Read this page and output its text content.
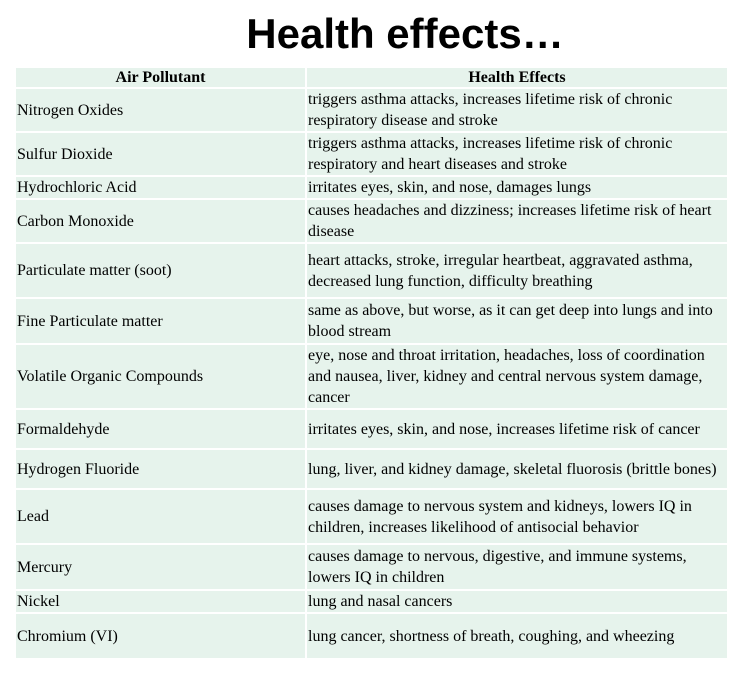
Health effects…
Air Pollutant	Health Effects
Nitrogen Oxides	triggers asthma attacks, increases lifetime risk of chronic respiratory disease and stroke
Sulfur Dioxide	triggers asthma attacks, increases lifetime risk of chronic respiratory and heart diseases and stroke
Hydrochloric Acid	irritates eyes, skin, and nose, damages lungs
Carbon Monoxide	causes headaches and dizziness; increases lifetime risk of heart disease
Particulate matter (soot)	heart attacks, stroke, irregular heartbeat, aggravated asthma, decreased lung function, difficulty breathing
Fine Particulate matter	same as above, but worse, as it can get deep into lungs and into blood stream
Volatile Organic Compounds	eye, nose and throat irritation, headaches, loss of coordination and nausea, liver, kidney and central nervous system damage, cancer
Formaldehyde	irritates eyes, skin, and nose, increases lifetime risk of cancer
Hydrogen Fluoride	lung, liver, and kidney damage, skeletal fluorosis (brittle bones)
Lead	causes damage to nervous system and kidneys, lowers IQ in children, increases likelihood of antisocial behavior
Mercury	causes damage to nervous, digestive, and immune systems, lowers IQ in children
Nickel	lung and nasal cancers
Chromium (VI)	lung cancer, shortness of breath, coughing, and wheezing
